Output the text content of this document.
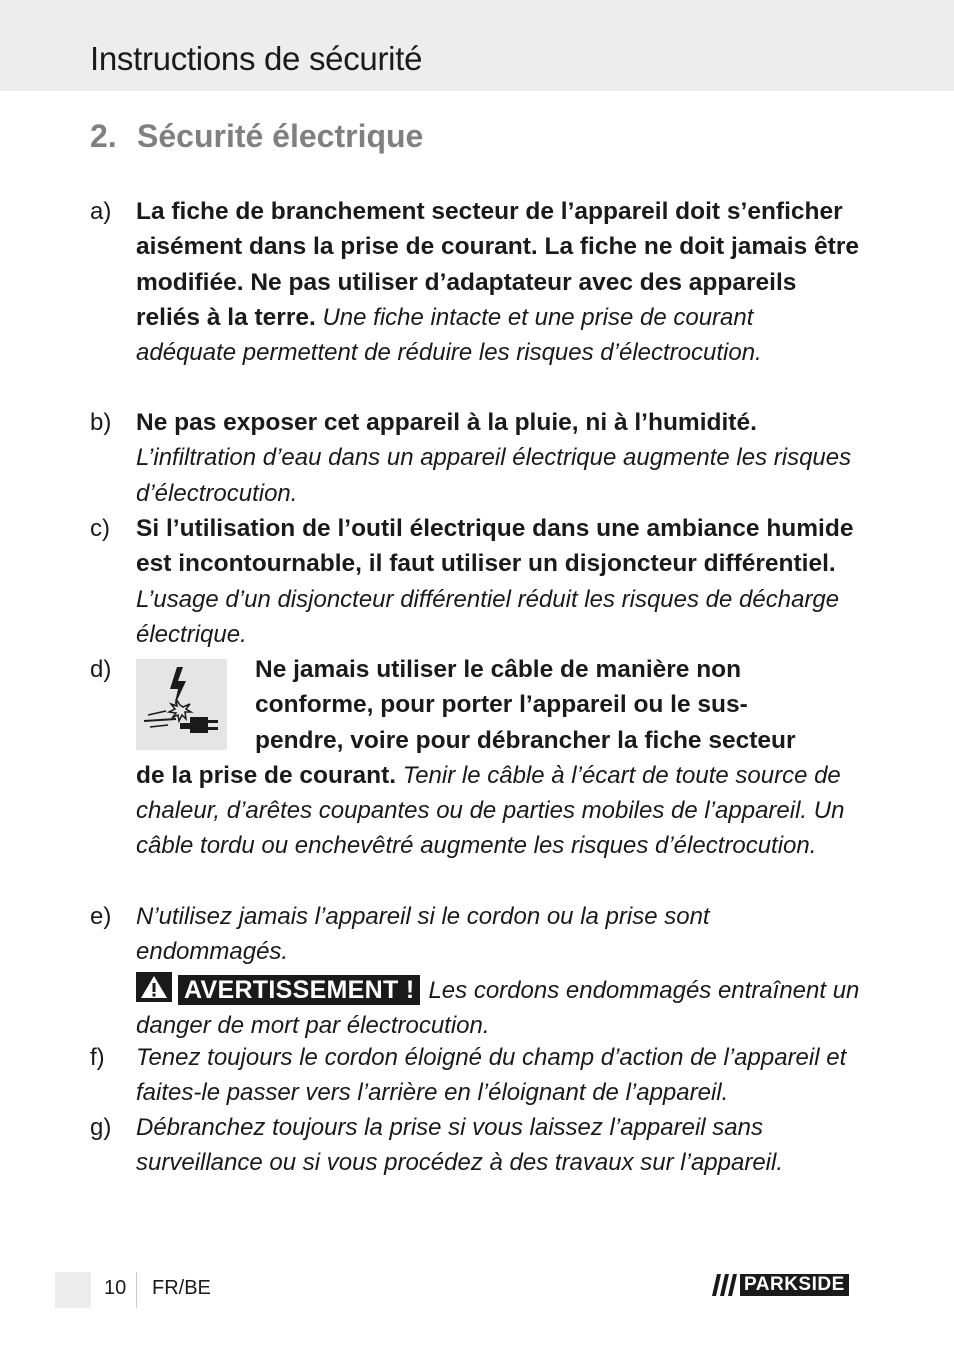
Instructions de sécurité
2. Sécurité électrique
a)	La fiche de branchement secteur de l’appareil doit s’enficher aisément dans la prise de courant. La fiche ne doit jamais être modifiée. Ne pas utiliser d’adaptateur avec des appareils reliés à la terre. Une fiche intacte et une prise de courant adéquate permettent de réduire les risques d’électrocution.
b)	Ne pas exposer cet appareil à la pluie, ni à l’humidité. L’infiltration d’eau dans un appareil électrique augmente les risques d’électrocution.
c)	Si l’utilisation de l’outil électrique dans une ambiance humide est incontournable, il faut utiliser un disjoncteur différentiel. L’usage d’un disjoncteur différentiel réduit les risques de décharge électrique.
d)	Ne jamais utiliser le câble de manière non
conforme, pour porter l’appareil ou le sus-
pendre, voire pour débrancher la fiche secteur
de la prise de courant. Tenir le câble à l’écart de toute source de chaleur, d’arêtes coupantes ou de parties mobiles de l’appareil. Un câble tordu ou enchevêtré augmente les risques d’électrocution.
e)	N’utilisez jamais l’appareil si le cordon ou la prise sont endommagés.
AVERTISSEMENT ! Les cordons endommagés entraînent un danger de mort par électrocution.
f)	Tenez toujours le cordon éloigné du champ d’action de l’appareil et faites-le passer vers l’arrière en l’éloignant de l’appareil.
g)	Débranchez toujours la prise si vous laissez l’appareil sans surveillance ou si vous procédez à des travaux sur l’appareil.
10 FR/BE	PARKSIDE
